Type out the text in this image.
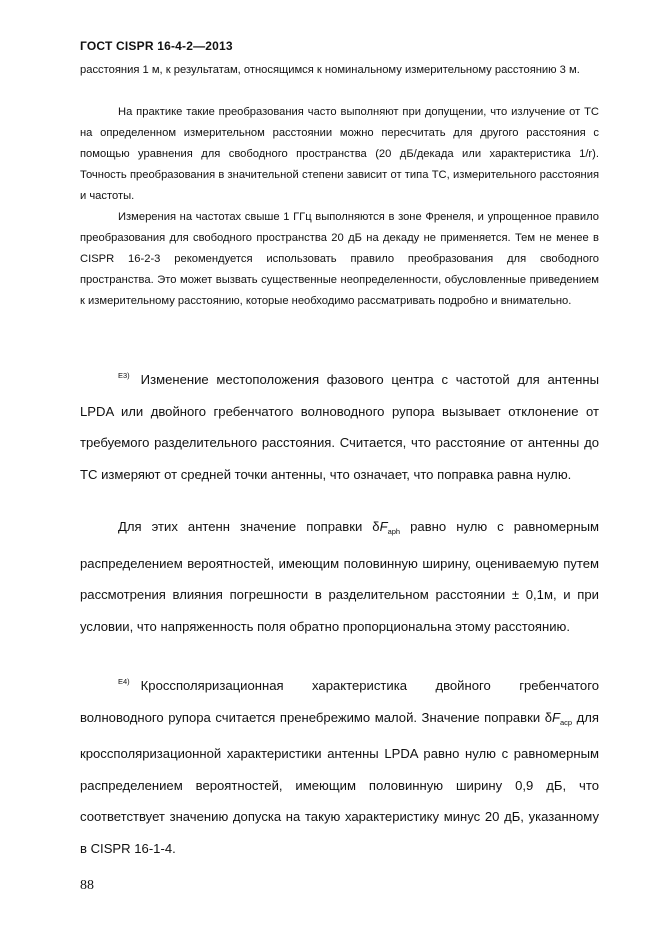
ГОСТ CISPR 16-4-2—2013

расстояния 1 м, к результатам, относящимся к номинальному измерительному расстоянию 3 м.

На практике такие преобразования часто выполняют при допущении, что излучение от ТС на определенном измерительном расстоянии можно пересчитать для другого расстояния с помощью уравнения для свободного пространства (20 дБ/декада или характеристика 1/r). Точность преобразования в значительной степени зависит от типа ТС, измерительного расстояния и частоты.

Измерения на частотах свыше 1 ГГц выполняются в зоне Френеля, и упрощенное правило преобразования для свободного пространства 20 дБ на декаду не применяется. Тем не менее в CISPR 16-2-3 рекомендуется использовать правило преобразования для свободного пространства. Это может вызвать существенные неопределенности, обусловленные приведением к измерительному расстоянию, которые необходимо рассматривать подробно и внимательно.

$^{E3)}$ Изменение местоположения фазового центра с частотой для антенны LPDA или двойного гребенчатого волноводного рупора вызывает отклонение от требуемого разделительного расстояния. Считается, что расстояние от антенны до ТС измеряют от средней точки антенны, что означает, что поправка равна нулю.

Для этих антенн значение поправки $\delta F_{aph}$ равно нулю с равномерным распределением вероятностей, имеющим половинную ширину, оцениваемую путем рассмотрения влияния погрешности в разделительном расстоянии ± 0,1м, и при условии, что напряженность поля обратно пропорциональна этому расстоянию.

$^{E4)}$ Кроссполяризационная характеристика двойного гребенчатого волноводного рупора считается пренебрежимо малой. Значение поправки $\delta F_{acp}$ для кроссполяризационной характеристики антенны LPDA равно нулю с равномерным распределением вероятностей, имеющим половинную ширину 0,9 дБ, что соответствует значению допуска на такую характеристику минус 20 дБ, указанному в CISPR 16-1-4.

88
